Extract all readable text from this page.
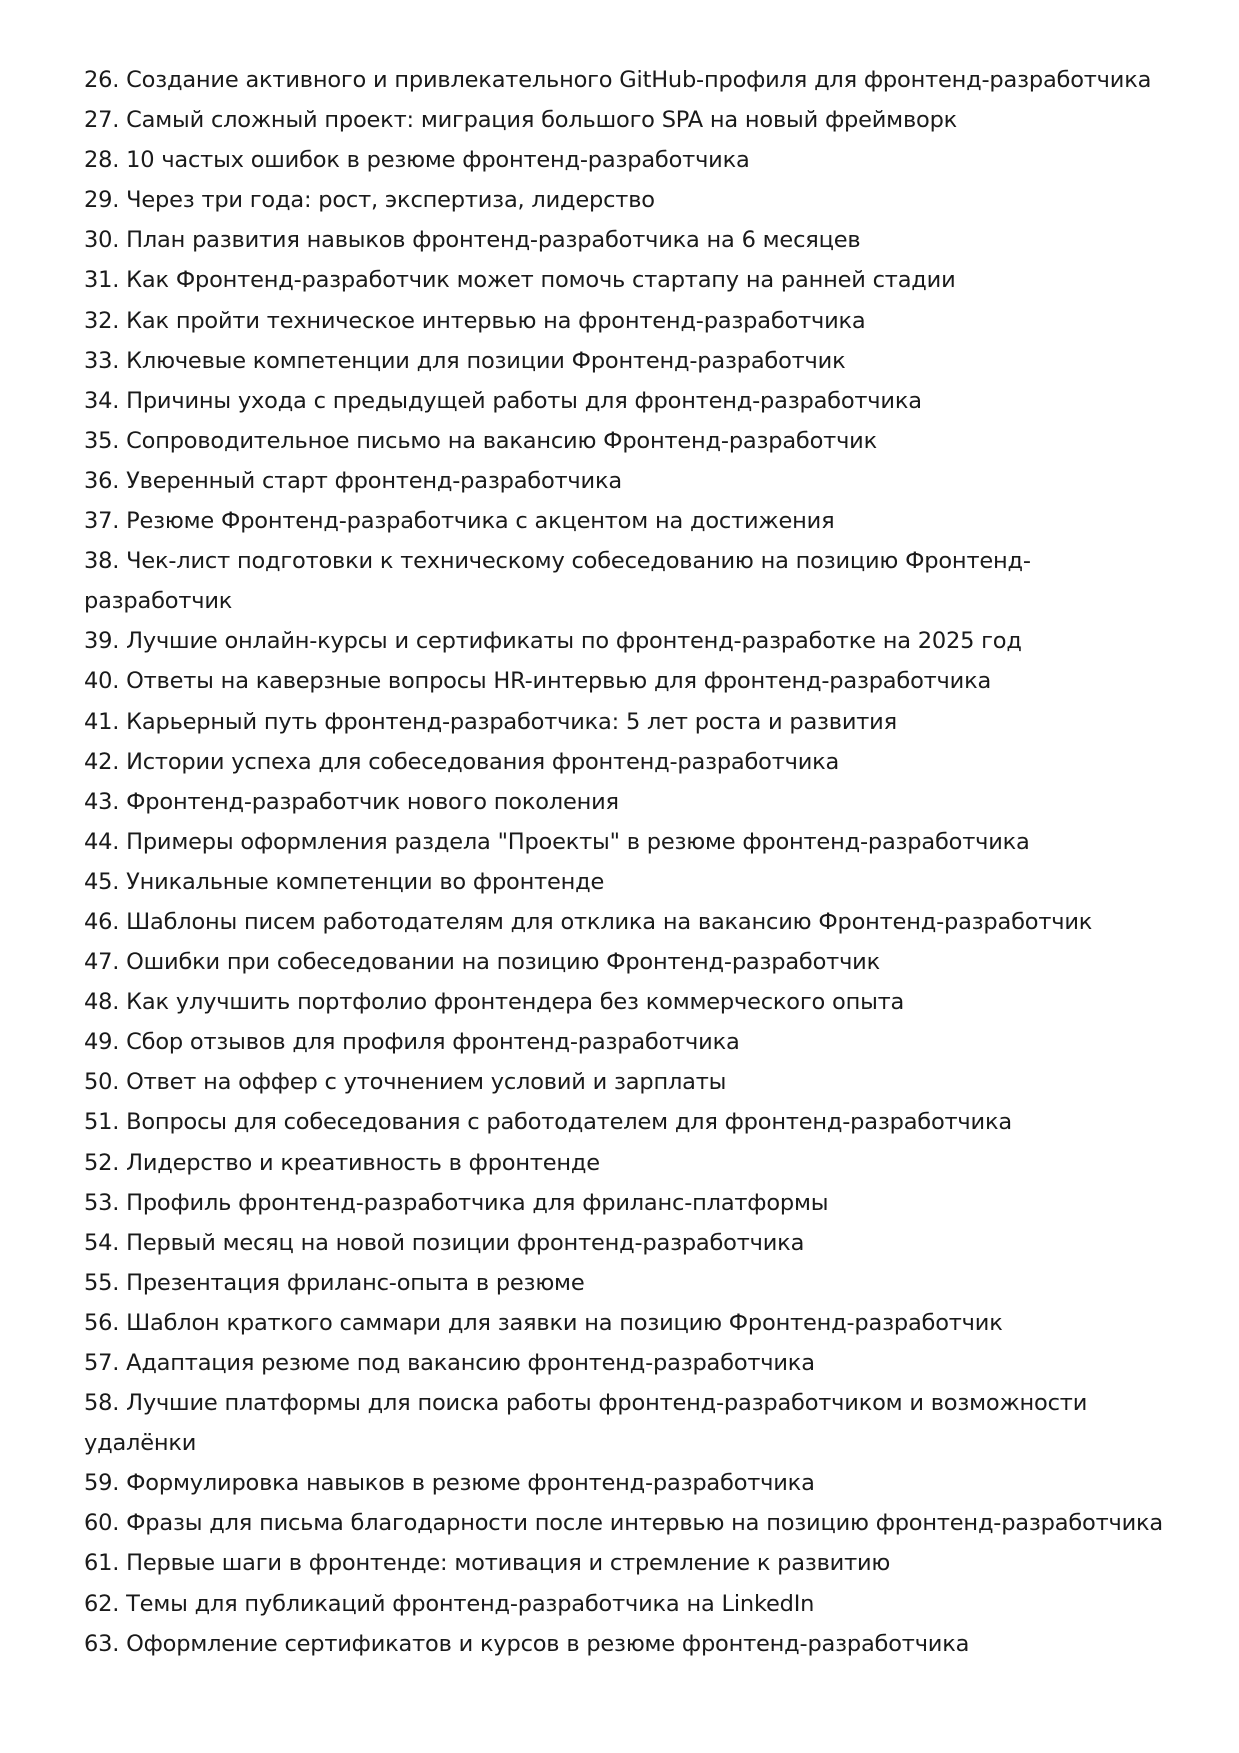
26. Создание активного и привлекательного GitHub-профиля для фронтенд-разработчика
27. Самый сложный проект: миграция большого SPA на новый фреймворк
28. 10 частых ошибок в резюме фронтенд-разработчика
29. Через три года: рост, экспертиза, лидерство
30. План развития навыков фронтенд-разработчика на 6 месяцев
31. Как Фронтенд-разработчик может помочь стартапу на ранней стадии
32. Как пройти техническое интервью на фронтенд-разработчика
33. Ключевые компетенции для позиции Фронтенд-разработчик
34. Причины ухода с предыдущей работы для фронтенд-разработчика
35. Сопроводительное письмо на вакансию Фронтенд-разработчик
36. Уверенный старт фронтенд-разработчика
37. Резюме Фронтенд-разработчика с акцентом на достижения
38. Чек-лист подготовки к техническому собеседованию на позицию Фронтенд-разработчик
39. Лучшие онлайн-курсы и сертификаты по фронтенд-разработке на 2025 год
40. Ответы на каверзные вопросы HR-интервью для фронтенд-разработчика
41. Карьерный путь фронтенд-разработчика: 5 лет роста и развития
42. Истории успеха для собеседования фронтенд-разработчика
43. Фронтенд-разработчик нового поколения
44. Примеры оформления раздела "Проекты" в резюме фронтенд-разработчика
45. Уникальные компетенции во фронтенде
46. Шаблоны писем работодателям для отклика на вакансию Фронтенд-разработчик
47. Ошибки при собеседовании на позицию Фронтенд-разработчик
48. Как улучшить портфолио фронтендера без коммерческого опыта
49. Сбор отзывов для профиля фронтенд-разработчика
50. Ответ на оффер с уточнением условий и зарплаты
51. Вопросы для собеседования с работодателем для фронтенд-разработчика
52. Лидерство и креативность в фронтенде
53. Профиль фронтенд-разработчика для фриланс-платформы
54. Первый месяц на новой позиции фронтенд-разработчика
55. Презентация фриланс-опыта в резюме
56. Шаблон краткого саммари для заявки на позицию Фронтенд-разработчик
57. Адаптация резюме под вакансию фронтенд-разработчика
58. Лучшие платформы для поиска работы фронтенд-разработчиком и возможности удалёнки
59. Формулировка навыков в резюме фронтенд-разработчика
60. Фразы для письма благодарности после интервью на позицию фронтенд-разработчика
61. Первые шаги в фронтенде: мотивация и стремление к развитию
62. Темы для публикаций фронтенд-разработчика на LinkedIn
63. Оформление сертификатов и курсов в резюме фронтенд-разработчика
